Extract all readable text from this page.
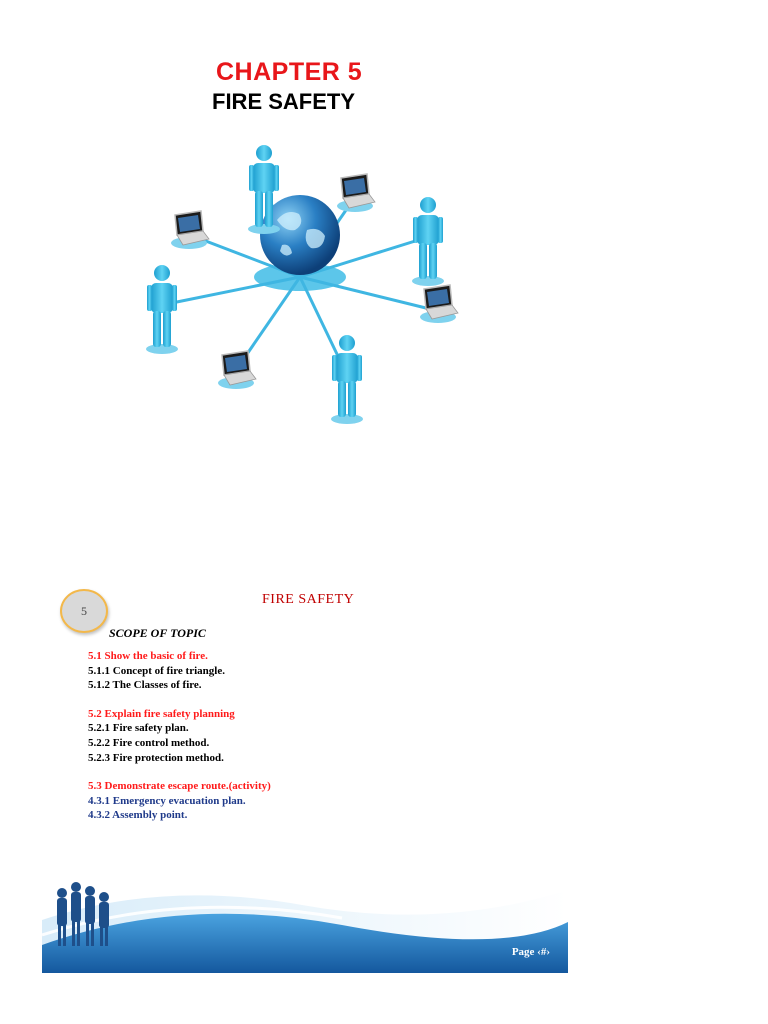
CHAPTER 5
FIRE SAFETY
5
FIRE SAFETY
SCOPE OF TOPIC
5.1 Show the basic of fire.
5.1.1 Concept of fire triangle.
5.1.2 The Classes of fire.
5.2 Explain fire safety planning
5.2.1 Fire safety plan.
5.2.2 Fire control method.
5.2.3 Fire protection method.
5.3 Demonstrate escape route.(activity)
4.3.1 Emergency evacuation plan.
4.3.2 Assembly point.
Page ‹#›
